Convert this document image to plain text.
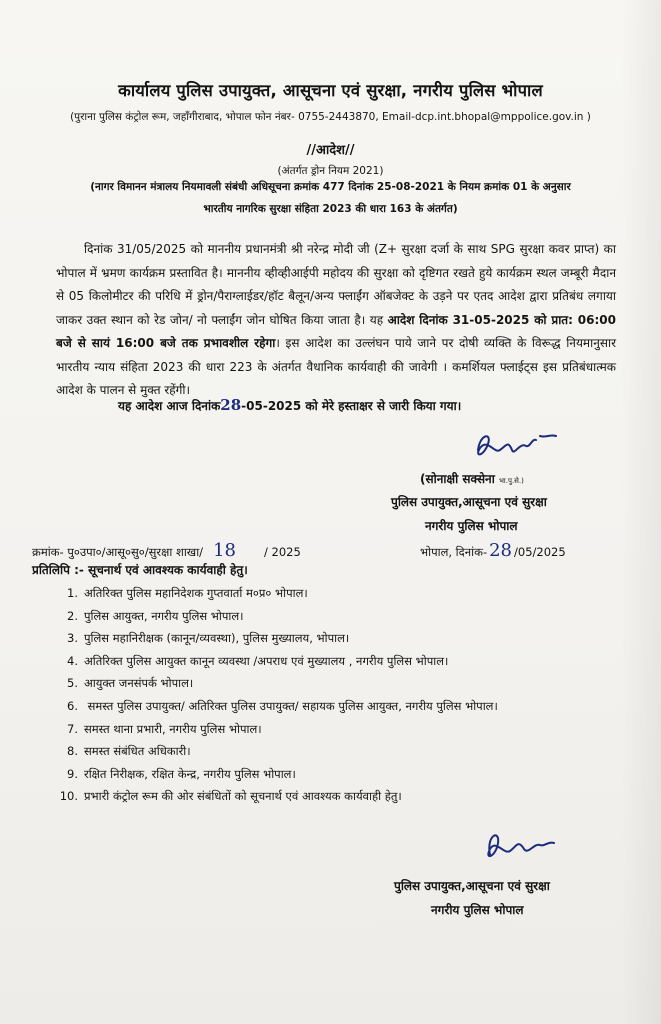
कार्यालय पुलिस उपायुक्त, आसूचना एवं सुरक्षा, नगरीय पुलिस भोपाल
(पुराना पुलिस कंट्रोल रूम, जहाँगीराबाद, भोपाल फोन नंबर- 0755-2443870, Email-dcp.int.bhopal@mppolice.gov.in )
//आदेश//
(अंतर्गत ड्रोन नियम 2021)
(नागर विमानन मंत्रालय नियमावली संबंधी अधिसूचना क्रमांक 477 दिनांक 25-08-2021 के नियम क्रमांक 01 के अनुसार
भारतीय नागरिक सुरक्षा संहिता 2023 की धारा 163 के अंतर्गत)
दिनांक 31/05/2025 को माननीय प्रधानमंत्री श्री नरेन्द्र मोदी जी (Z+ सुरक्षा दर्जा के साथ SPG सुरक्षा कवर प्राप्त) का भोपाल में भ्रमण कार्यक्रम प्रस्तावित है। माननीय व्हीव्हीआईपी महोदय की सुरक्षा को दृष्टिगत रखते हुये कार्यक्रम स्थल जम्बूरी मैदान से 05 किलोमीटर की परिधि में ड्रोन/पैराग्लाईडर/हॉट बैलून/अन्य फ्लाईंग ऑबजेक्ट के उड़ने पर एतद आदेश द्वारा प्रतिबंध लगाया जाकर उक्त स्थान को रेड जोन/ नो फ्लाईंग जोन घोषित किया जाता है। यह आदेश दिनांक 31-05-2025 को प्रात: 06:00 बजे से सायं 16:00 बजे तक प्रभावशील रहेगा। इस आदेश का उल्लंघन पाये जाने पर दोषी व्यक्ति के विरूद्ध नियमानुसार भारतीय न्याय संहिता 2023 की धारा 223 के अंतर्गत वैधानिक कार्यवाही की जावेगी । कमर्शियल फ्लाईट्स इस प्रतिबंधात्मक आदेश के पालन से मुक्त रहेंगी।
यह आदेश आज दिनांक28-05-2025 को मेरे हस्ताक्षर से जारी किया गया।
(सोनाक्षी सक्सेना भा.पु.से.)
पुलिस उपायुक्त,आसूचना एवं सुरक्षा
नगरीय पुलिस भोपाल
क्रमांक- पु०उपा०/आसू०सु०/सुरक्षा शाखा/ 18 / 2025	भोपाल, दिनांक- 28 /05/2025
प्रतिलिपि :- सूचनार्थ एवं आवश्यक कार्यवाही हेतु।
1. अतिरिक्त पुलिस महानिदेशक गुप्तवार्ता म०प्र० भोपाल।
2. पुलिस आयुक्त, नगरीय पुलिस भोपाल।
3. पुलिस महानिरीक्षक (कानून/व्यवस्था), पुलिस मुख्यालय, भोपाल।
4. अतिरिक्त पुलिस आयुक्त कानून व्यवस्था /अपराध एवं मुख्यालय , नगरीय पुलिस भोपाल।
5. आयुक्त जनसंपर्क भोपाल।
6. समस्त पुलिस उपायुक्त/ अतिरिक्त पुलिस उपायुक्त/ सहायक पुलिस आयुक्त, नगरीय पुलिस भोपाल।
7. समस्त थाना प्रभारी, नगरीय पुलिस भोपाल।
8. समस्त संबंधित अधिकारी।
9. रक्षित निरीक्षक, रक्षित केन्द्र, नगरीय पुलिस भोपाल।
10. प्रभारी कंट्रोल रूम की ओर संबंधितों को सूचनार्थ एवं आवश्यक कार्यवाही हेतु।
पुलिस उपायुक्त,आसूचना एवं सुरक्षा
नगरीय पुलिस भोपाल
